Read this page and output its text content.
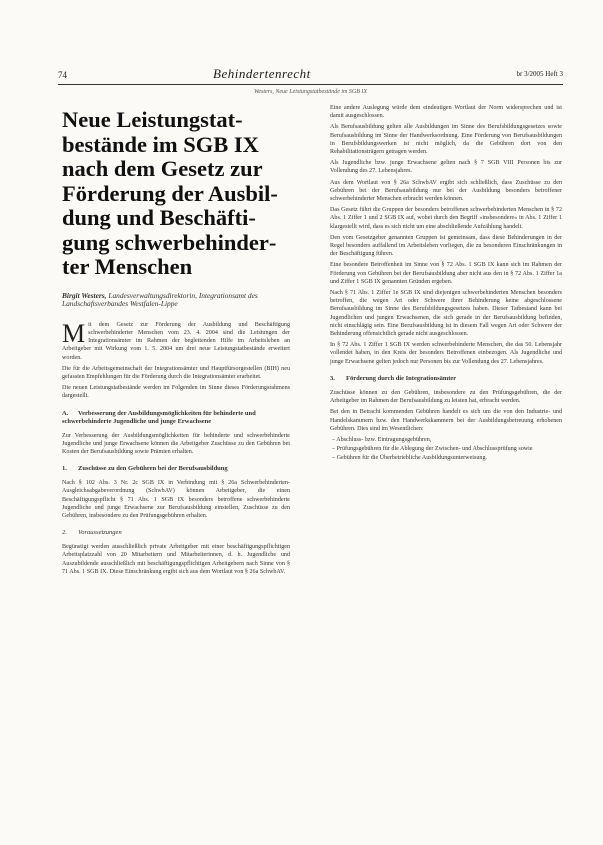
74	Behindertenrecht	br 3/2005 Heft 3
Westers, Neue Leistungstatbestände im SGB IX
Neue Leistungstatbestände im SGB IX nach dem Gesetz zur Förderung der Ausbildung und Beschäftigung schwerbehinderter Menschen
Birgit Westers, Landesverwaltungsdirektorin, Integrationsamt des Landschaftsverbandes Westfalen-Lippe

Mit dem Gesetz zur Förderung der Ausbildung und Beschäftigung schwerbehinderter Menschen vom 23. 4. 2004 sind die Leistungen der Integrationsämter im Rahmen der begleitenden Hilfe im Arbeitsleben an Arbeitgeber mit Wirkung vom 1. 5. 2004 um drei neue Leistungstatbestände erweitert worden.

Die für die Arbeitsgemeinschaft der Integrationsämter und Hauptfürsorgestellen (BIH) neu gefassten Empfehlungen für die Förderung durch die Integrationsämter erarbeitet.

Die neuen Leistungstatbestände werden im Folgenden im Sinne dieses Förderungsrahmens dargestellt.

A. Verbesserung der Ausbildungsmöglichkeiten für behinderte und schwerbehinderte Jugendliche und junge Erwachsene

Zur Verbesserung der Ausbildungsmöglichkeiten für behinderte und schwerbehinderte Jugendliche und junge Erwachsene können die Arbeitgeber Zuschüsse zu den Gebühren bei Kosten der Berufsausbildung sowie Prämien erhalten.

1. Zuschüsse zu den Gebühren bei der Berufsausbildung

Nach § 102 Abs. 3 Nr. 2c SGB IX in Verbindung mit § 26a Schwerbehinderten-Ausgleichsabgabeverordnung (SchwbAV) können Arbeitgeber, die einen Beschäftigungspflicht § 71 Abs. 1 SGB IX besonders betroffene schwerbehinderte Jugendliche und junge Erwachsene zur Berufsausbildung einstellen, Zuschüsse zu den Gebühren, insbesondere zu den Prüfungsgebühren erhalten.

2. Voraussetzungen

Begünstigt werden ausschließlich private Arbeitgeber mit einer beschäftigungspflichtigen Arbeitsplatzzahl von 20 Mitarbeitern und Mitarbeiterinnen, d. h. Jugendliche und Auszubildende ausschließlich mit beschäftigungspflichtigen Arbeitgebern nach Sinne von § 71 Abs. 1 SGB IX. Diese Einschränkung ergibt sich aus dem Wortlaut von § 26a SchwbAV.

Eine andere Auslegung würde dem eindeutigen Wortlaut der Norm widersprechen und ist damit ausgeschlossen.

Als Berufsausbildung gelten alle Ausbildungen im Sinne des Berufsbildungsgesetzes sowie Berufsausbildung im Sinne der Handwerksordnung. Eine Förderung von Berufsausbildungen in Berufsbildungswerken ist nicht möglich, da die Gebühren dort von den Rehabilitationsträgern getragen werden.

Als Jugendliche bzw. junge Erwachsene gelten nach § 7 SGB VIII Personen bis zur Vollendung des 27. Lebensjahres.

Aus dem Wortlaut von § 26a SchwbAV ergibt sich schließlich, dass Zuschüsse zu den Gebühren bei der Berufsausbildung nur bei der Ausbildung besonders betroffener schwerbehinderter Menschen erbracht werden können.

Das Gesetz führt die Gruppen der besonders betroffenen schwerbehinderten Menschen in § 72 Abs. 1 Ziffer 1 und 2 SGB IX auf, wobei durch den Begriff »insbesondere« in Abs. 1 Ziffer 1 klargestellt wird, dass es sich nicht um eine abschließende Aufzählung handelt.

Den vom Gesetzgeber genannten Gruppen ist gemeinsam, dass diese Behinderungen in der Regel besonders auffallend im Arbeitsleben vorliegen, die zu besonderen Einschränkungen in der Beschäftigung führen.

Eine besondere Betroffenheit im Sinne von § 72 Abs. 1 SGB IX kann sich im Rahmen der Förderung von Gebühren bei der Berufsausbildung aber nicht aus den in § 72 Abs. 1 Ziffer 1a und Ziffer 1 SGB IX genannten Gründen ergeben.

Nach § 71 Abs. 1 Ziffer 1e SGB IX sind diejenigen schwerbehinderten Menschen besonders betroffen, die wegen Art oder Schwere ihrer Behinderung keine abgeschlossene Berufsausbildung im Sinne des Berufsbildungsgesetzes haben. Dieser Tatbestand kann bei Jugendlichen und jungen Erwachsenen, die sich gerade in der Berufsausbildung befinden, nicht einschlägig sein. Eine Berufsausbildung ist in diesem Fall wegen Art oder Schwere der Behinderung offensichtlich gerade nicht ausgeschlossen.

In § 72 Abs. 1 Ziffer 1 SGB IX werden schwerbehinderte Menschen, die das 50. Lebensjahr vollendet haben, in den Kreis der besonders Betroffenen einbezogen. Als Jugendliche und junge Erwachsene gelten jedoch nur Personen bis zur Vollendung des 27. Lebensjahres.

3. Förderung durch die Integrationsämter

Zuschüsse können zu den Gebühren, insbesondere zu den Prüfungsgebühren, die der Arbeitgeber im Rahmen der Berufsausbildung zu leisten hat, erbracht werden.

Bei den in Betracht kommenden Gebühren handelt es sich um die von den Industrie- und Handelskammern bzw. den Handwerkskammern bei der Ausbildungsbetreuung erhobenen Gebühren. Dies sind im Wesentlichen:

– Abschluss- bzw. Eintragungsgebühren,
– Prüfungsgebühren für die Ablegung der Zwischen- und Abschlussprüfung sowie
– Gebühren für die Überbetriebliche Ausbildungsunterweisung.
